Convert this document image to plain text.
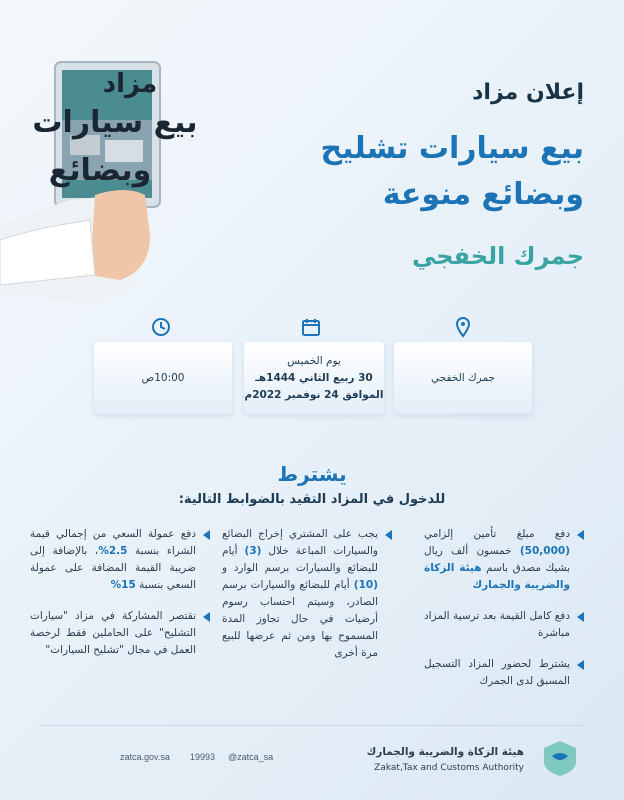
مزاد
بيع سيارات
وبضائع
إعلان مزاد
بيع سيارات تشليح
وبضائع منوعة
جمرك الخفجي
جمرك الخفجي
يوم الخميس
30 ربيع الثاني 1444هـ
الموافق 24 نوفمبر 2022م
10:00ص
يشترط
للدخول في المزاد التقيد بالضوابط التالية:
دفع مبلغ تأمين إلزامي (50,000) خمسون ألف ريال بشيك مصدق باسم هيئة الزكاة والضريبة والجمارك
دفع كامل القيمة بعد ترسية المزاد مباشرة
يشترط لحضور المزاد التسجيل المسبق لدى الجمرك
يجب على المشتري إخراج البضائع والسيارات المباعة خلال (3) أيام للبضائع والسيارات برسم الوارد و (10) أيام للبضائع والسيارات برسم الصادر، وسيتم احتساب رسوم أرضيات في حال تجاوز المدة المسموح بها ومن ثم عرضها للبيع مرة أخرى
دفع عمولة السعي من إجمالي قيمة الشراء بنسبة 2.5%، بالإضافة إلى ضريبة القيمة المضافة على عمولة السعي بنسبة 15%
تقتصر المشاركة في مزاد "سيارات التشليح" على الحاملين فقط لرخصة العمل في مجال "تشليح السيارات"
zatca.gov.sa 19993 @zatca_sa	هيئة الزكاة والضريبة والجمارك
Zakat,Tax and Customs Authority
